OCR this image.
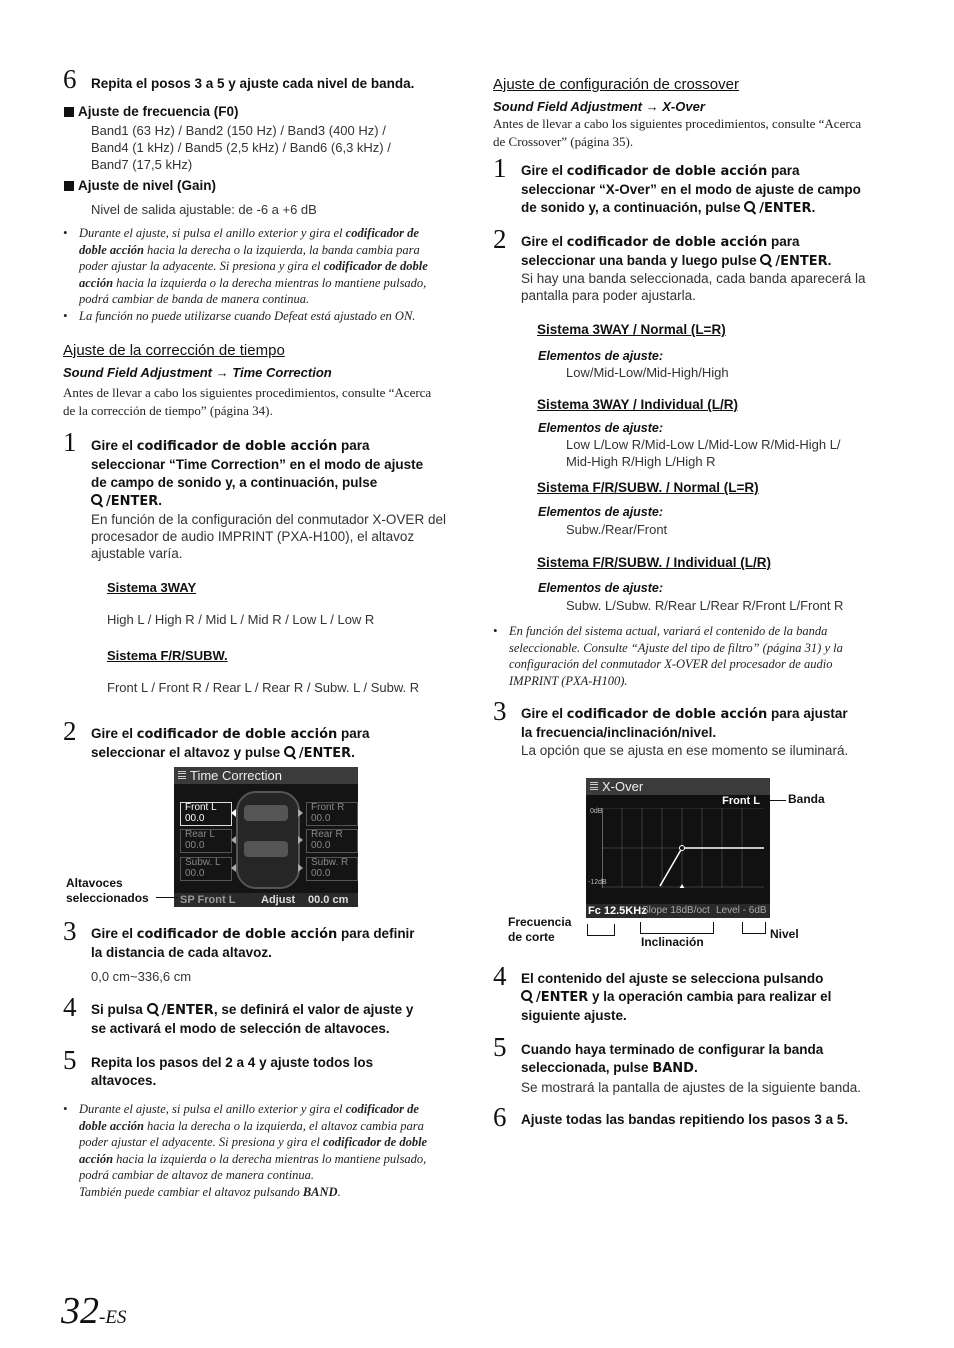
6 Repita el posos 3 a 5 y ajuste cada nivel de banda.
Ajuste de frecuencia (F0)
Band1 (63 Hz) / Band2 (150 Hz) / Band3 (400 Hz) /
Band4 (1 kHz) / Band5 (2,5 kHz) / Band6 (6,3 kHz) /
Band7 (17,5 kHz)
Ajuste de nivel (Gain)
Nivel de salida ajustable: de -6 a +6 dB
• Durante el ajuste, si pulsa el anillo exterior y gira el codificador de
doble acción hacia la derecha o la izquierda, la banda cambia para
poder ajustar la adyacente. Si presiona y gira el codificador de doble
acción hacia la izquierda o la derecha mientras lo mantiene pulsado,
podrá cambiar de banda de manera continua.
• La función no puede utilizarse cuando Defeat está ajustado en ON.
Ajuste de la corrección de tiempo
Sound Field Adjustment → Time Correction
Antes de llevar a cabo los siguientes procedimientos, consulte “Acerca
de la corrección de tiempo” (página 34).
1 Gire el codificador de doble acción para
seleccionar “Time Correction” en el modo de ajuste
de campo de sonido y, a continuación, pulse
/ENTER.
En función de la configuración del conmutador X-OVER del
procesador de audio IMPRINT (PXA-H100), el altavoz
ajustable varía.
Sistema 3WAY
High L / High R / Mid L / Mid R / Low L / Low R
Sistema F/R/SUBW.
Front L / Front R / Rear L / Rear R / Subw. L / Subw. R
2 Gire el codificador de doble acción para
seleccionar el altavoz y pulse /ENTER.
Time Correction
Front L
00.0
Front R
00.0
Rear L
00.0
Rear R
00.0
Subw. L
00.0
Subw. R
00.0
SP Front L Adjust 00.0 cm
Altavoces
seleccionados
3 Gire el codificador de doble acción para definir
la distancia de cada altavoz.
0,0 cm~336,6 cm
4 Si pulsa /ENTER, se definirá el valor de ajuste y
se activará el modo de selección de altavoces.
5 Repita los pasos del 2 a 4 y ajuste todos los
altavoces.
• Durante el ajuste, si pulsa el anillo exterior y gira el codificador de
doble acción hacia la derecha o la izquierda, el altavoz cambia para
poder ajustar el adyacente. Si presiona y gira el codificador de doble
acción hacia la izquierda o la derecha mientras lo mantiene pulsado,
podrá cambiar de altavoz de manera continua.
También puede cambiar el altavoz pulsando BAND.
Ajuste de configuración de crossover
Sound Field Adjustment → X-Over
Antes de llevar a cabo los siguientes procedimientos, consulte “Acerca
de Crossover” (página 35).
1 Gire el codificador de doble acción para
seleccionar “X-Over” en el modo de ajuste de campo
de sonido y, a continuación, pulse /ENTER.
2 Gire el codificador de doble acción para
seleccionar una banda y luego pulse /ENTER.
Si hay una banda seleccionada, cada banda aparecerá la
pantalla para poder ajustarla.
Sistema 3WAY / Normal (L=R)
Elementos de ajuste:
Low/Mid-Low/Mid-High/High
Sistema 3WAY / Individual (L/R)
Elementos de ajuste:
Low L/Low R/Mid-Low L/Mid-Low R/Mid-High L/
Mid-High R/High L/High R
Sistema F/R/SUBW. / Normal (L=R)
Elementos de ajuste:
Subw./Rear/Front
Sistema F/R/SUBW. / Individual (L/R)
Elementos de ajuste:
Subw. L/Subw. R/Rear L/Rear R/Front L/Front R
• En función del sistema actual, variará el contenido de la banda
seleccionable. Consulte “Ajuste del tipo de filtro” (página 31) y la
configuración del conmutador X-OVER del procesador de audio
IMPRINT (PXA-H100).
3 Gire el codificador de doble acción para ajustar
la frecuencia/inclinación/nivel.
La opción que se ajusta en ese momento se iluminará.
X-Over
Front L
0dB
-12dB
Fc 12.5KHz
Slope 18dB/oct Level - 6dB
Banda
Frecuencia
de corte	Inclinación
Nivel
4 El contenido del ajuste se selecciona pulsando
/ENTER y la operación cambia para realizar el
siguiente ajuste.
5 Cuando haya terminado de configurar la banda
seleccionada, pulse BAND.
Se mostrará la pantalla de ajustes de la siguiente banda.
6 Ajuste todas las bandas repitiendo los pasos 3 a 5.
32-ES
